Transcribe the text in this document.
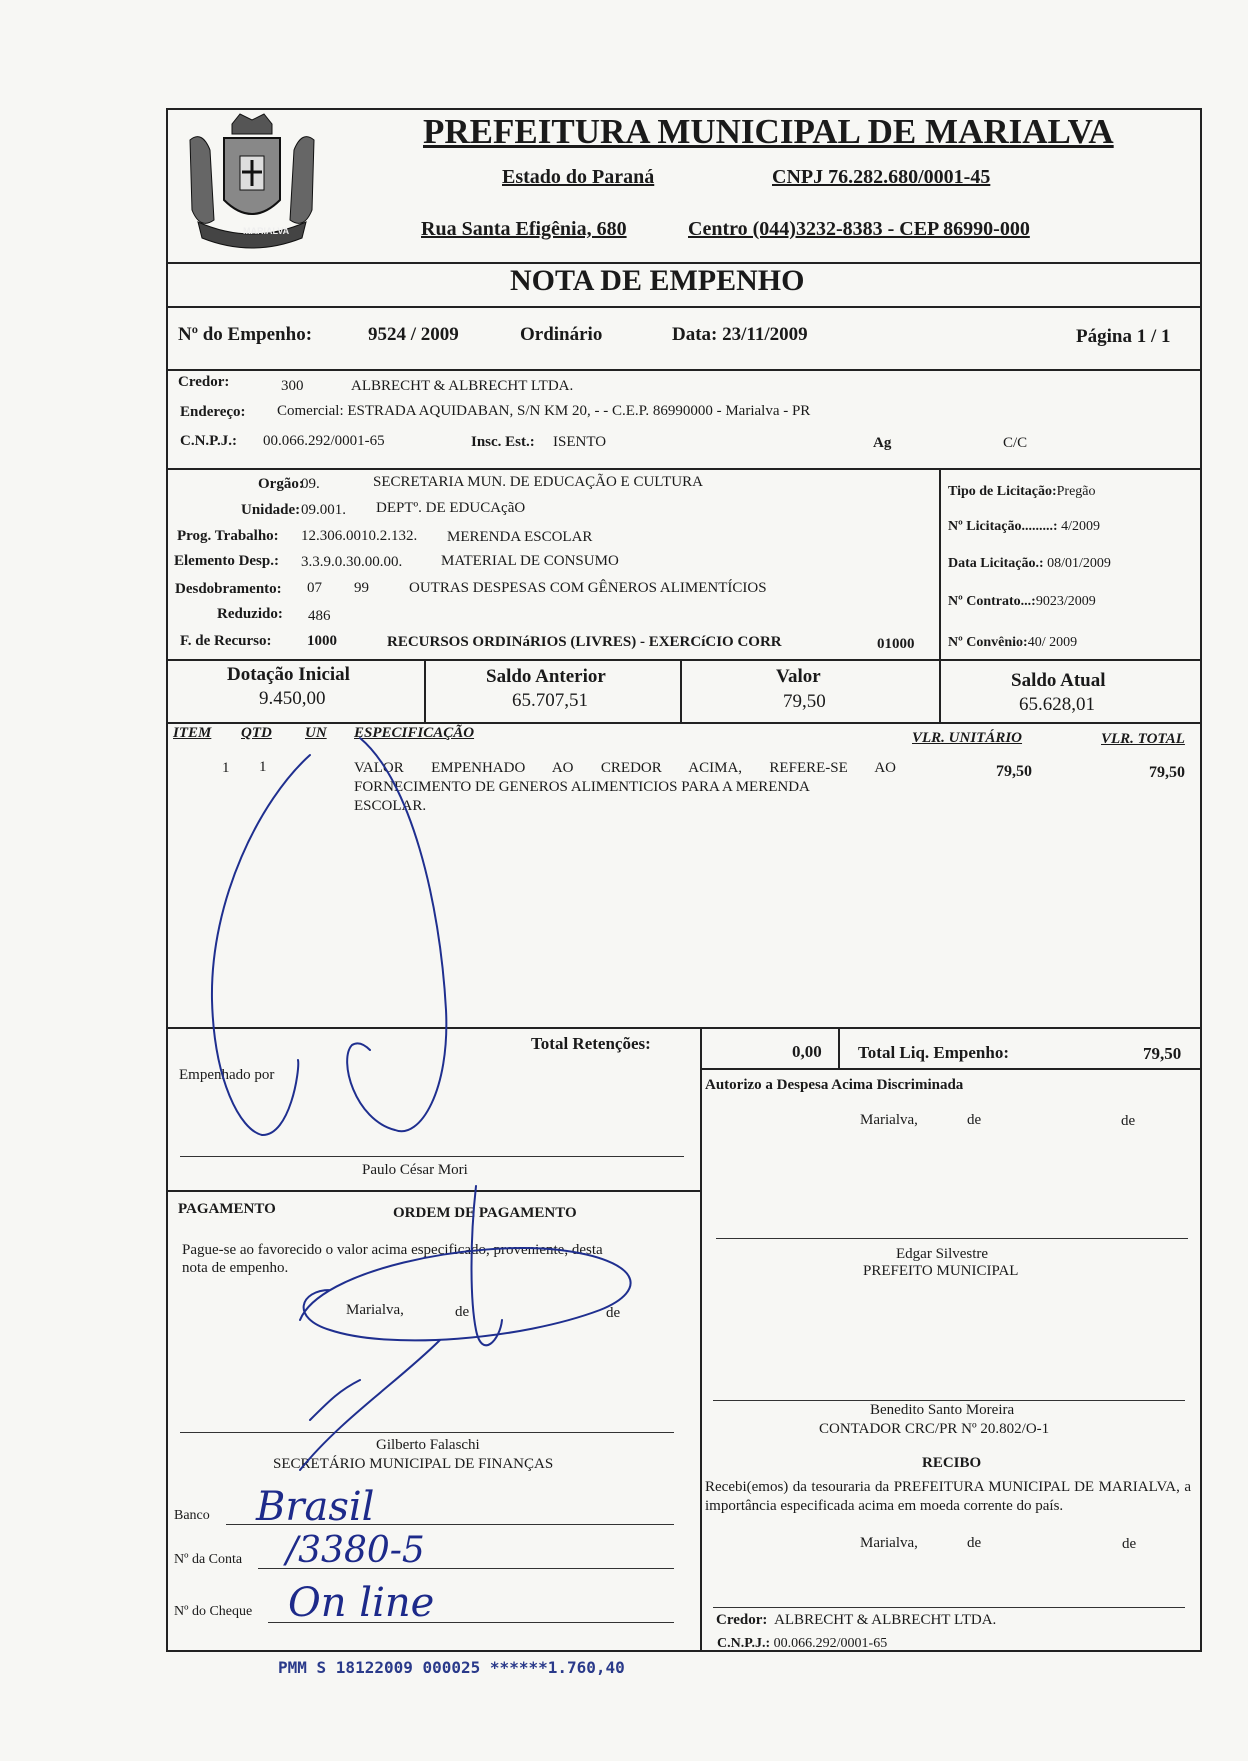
MARIALVA
PREFEITURA MUNICIPAL DE MARIALVA
Estado do Paraná	CNPJ 76.282.680/0001-45
Rua Santa Efigênia, 680	Centro (044)3232-8383 - CEP 86990-000
NOTA DE EMPENHO
Nº do Empenho:	9524 / 2009	Ordinário	Data: 23/11/2009	Página 1 / 1
Credor:	300	ALBRECHT & ALBRECHT LTDA.
Endereço: Comercial: ESTRADA AQUIDABAN, S/N KM 20, - - C.E.P. 86990000 - Marialva - PR
C.N.P.J.: 00.066.292/0001-65	Insc. Est.: ISENTO	Ag	C/C
Orgão:
09.	SECRETARIA MUN. DE EDUCAÇÃO E CULTURA
Unidade: 09.001. DEPTº. DE EDUCAçãO
Prog. Trabalho: 12.306.0010.2.132. MERENDA ESCOLAR
Elemento Desp.: 3.3.9.0.30.00.00.	MATERIAL DE CONSUMO
Desdobramento: 07 99	OUTRAS DESPESAS COM GÊNEROS ALIMENTÍCIOS
Reduzido: 486
F. de Recurso: 1000	RECURSOS ORDINáRIOS (LIVRES) - EXERCíCIO CORR	01000
Tipo de Licitação:Pregão
Nº Licitação.........: 4/2009
Data Licitação.: 08/01/2009
Nº Contrato...:9023/2009
Nº Convênio:40/ 2009
Dotação Inicial
9.450,00
Saldo Anterior
65.707,51
Valor
79,50
Saldo Atual
65.628,01
ITEM QTD UN ESPECIFICAÇÃO	VLR. UNITÁRIO	VLR. TOTAL
1 1	VALOR EMPENHADO AO CREDOR ACIMA, REFERE-SE AO
FORNECIMENTO DE GENEROS ALIMENTICIOS PARA A MERENDA
ESCOLAR.
79,50	79,50
Total Retenções:	0,00 Total Liq. Empenho:	79,50
Empenhado por
Paulo César Mori
Autorizo a Despesa Acima Discriminada
Marialva,	de	de
Edgar Silvestre
PREFEITO MUNICIPAL
Benedito Santo Moreira
CONTADOR CRC/PR Nº 20.802/O-1
PAGAMENTO	ORDEM DE PAGAMENTO
Pague-se ao favorecido o valor acima especificado, proveniente, desta
nota de empenho.
Marialva,	de	de
Gilberto Falaschi
SECRETÁRIO MUNICIPAL DE FINANÇAS
Banco Brasil
Nº da Conta /3380-5
Nº do Cheque On line
RECIBO
Recebi(emos) da tesouraria da PREFEITURA MUNICIPAL DE MARIALVA, a importância especificada acima em moeda corrente do país.
Marialva,	de	de
Credor: ALBRECHT & ALBRECHT LTDA.
C.N.P.J.: 00.066.292/0001-65
PMM S 18122009 000025 ******1.760,40
